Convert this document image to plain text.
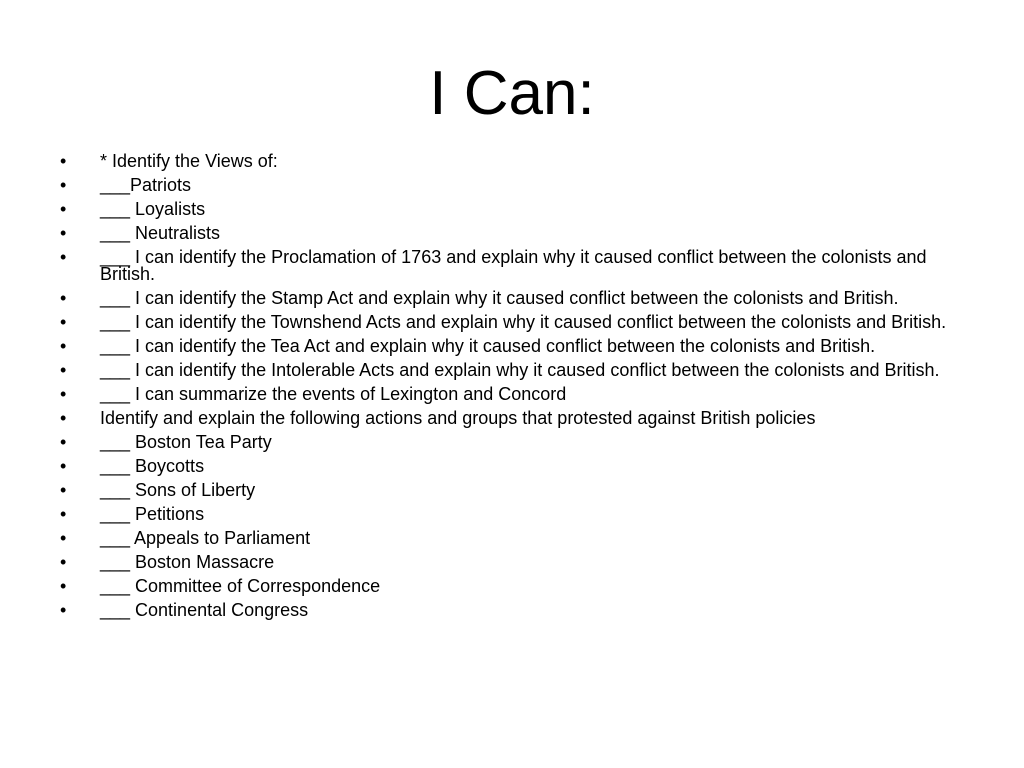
I Can:
•	* Identify the Views of:
•	___Patriots
•	___ Loyalists
•	___ Neutralists
•	___ I can identify the Proclamation of 1763 and explain why it caused conflict between the colonists and British.
•	___ I can identify the Stamp Act and explain why it caused conflict between the colonists and British.
•	___ I can identify the Townshend Acts and explain why it caused conflict between the colonists and British.
•	___ I can identify the Tea Act and explain why it caused conflict between the colonists and British.
•	___ I can identify the Intolerable Acts and explain why it caused conflict between the colonists and British.
•	___ I can summarize the events of Lexington and Concord
•	Identify and explain the following actions and groups that protested against British policies
•	___ Boston Tea Party
•	___ Boycotts
•	___ Sons of Liberty
•	___ Petitions
•	___ Appeals to Parliament
•	___ Boston Massacre
•	___ Committee of Correspondence
•	___ Continental Congress
